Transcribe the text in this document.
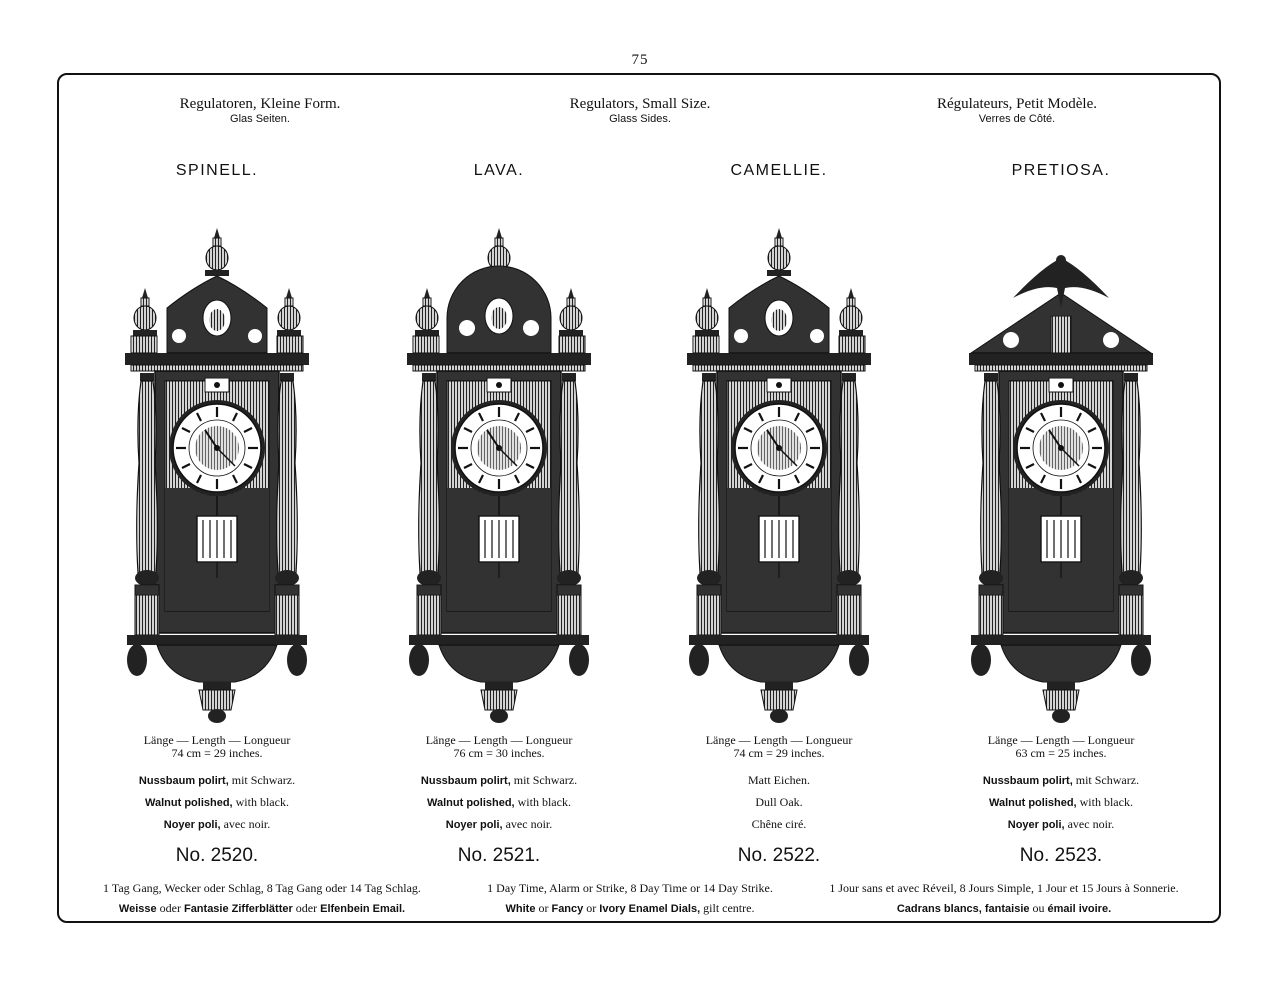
75
Regulatoren, Kleine Form.
Glas Seiten.
Regulators, Small Size.
Glass Sides.
Régulateurs, Petit Modèle.
Verres de Côté.
SPINELL.
Länge — Length — Longueur
74 cm = 29 inches.
Nussbaum polirt, mit Schwarz.
Walnut polished, with black.
Noyer poli, avec noir.
No. 2520.
LAVA.
Länge — Length — Longueur
76 cm = 30 inches.
Nussbaum polirt, mit Schwarz.
Walnut polished, with black.
Noyer poli, avec noir.
No. 2521.
CAMELLIE.
Länge — Length — Longueur
74 cm = 29 inches.
Matt Eichen.
Dull Oak.
Chêne ciré.
No. 2522.
PRETIOSA.
Länge — Length — Longueur
63 cm = 25 inches.
Nussbaum polirt, mit Schwarz.
Walnut polished, with black.
Noyer poli, avec noir.
No. 2523.
1 Tag Gang, Wecker oder Schlag, 8 Tag Gang oder 14 Tag Schlag.
Weisse oder Fantasie Zifferblätter oder Elfenbein Email.
1 Day Time, Alarm or Strike, 8 Day Time or 14 Day Strike.
White or Fancy or Ivory Enamel Dials, gilt centre.
1 Jour sans et avec Réveil, 8 Jours Simple, 1 Jour et 15 Jours à Sonnerie.
Cadrans blancs, fantaisie ou émail ivoire.
